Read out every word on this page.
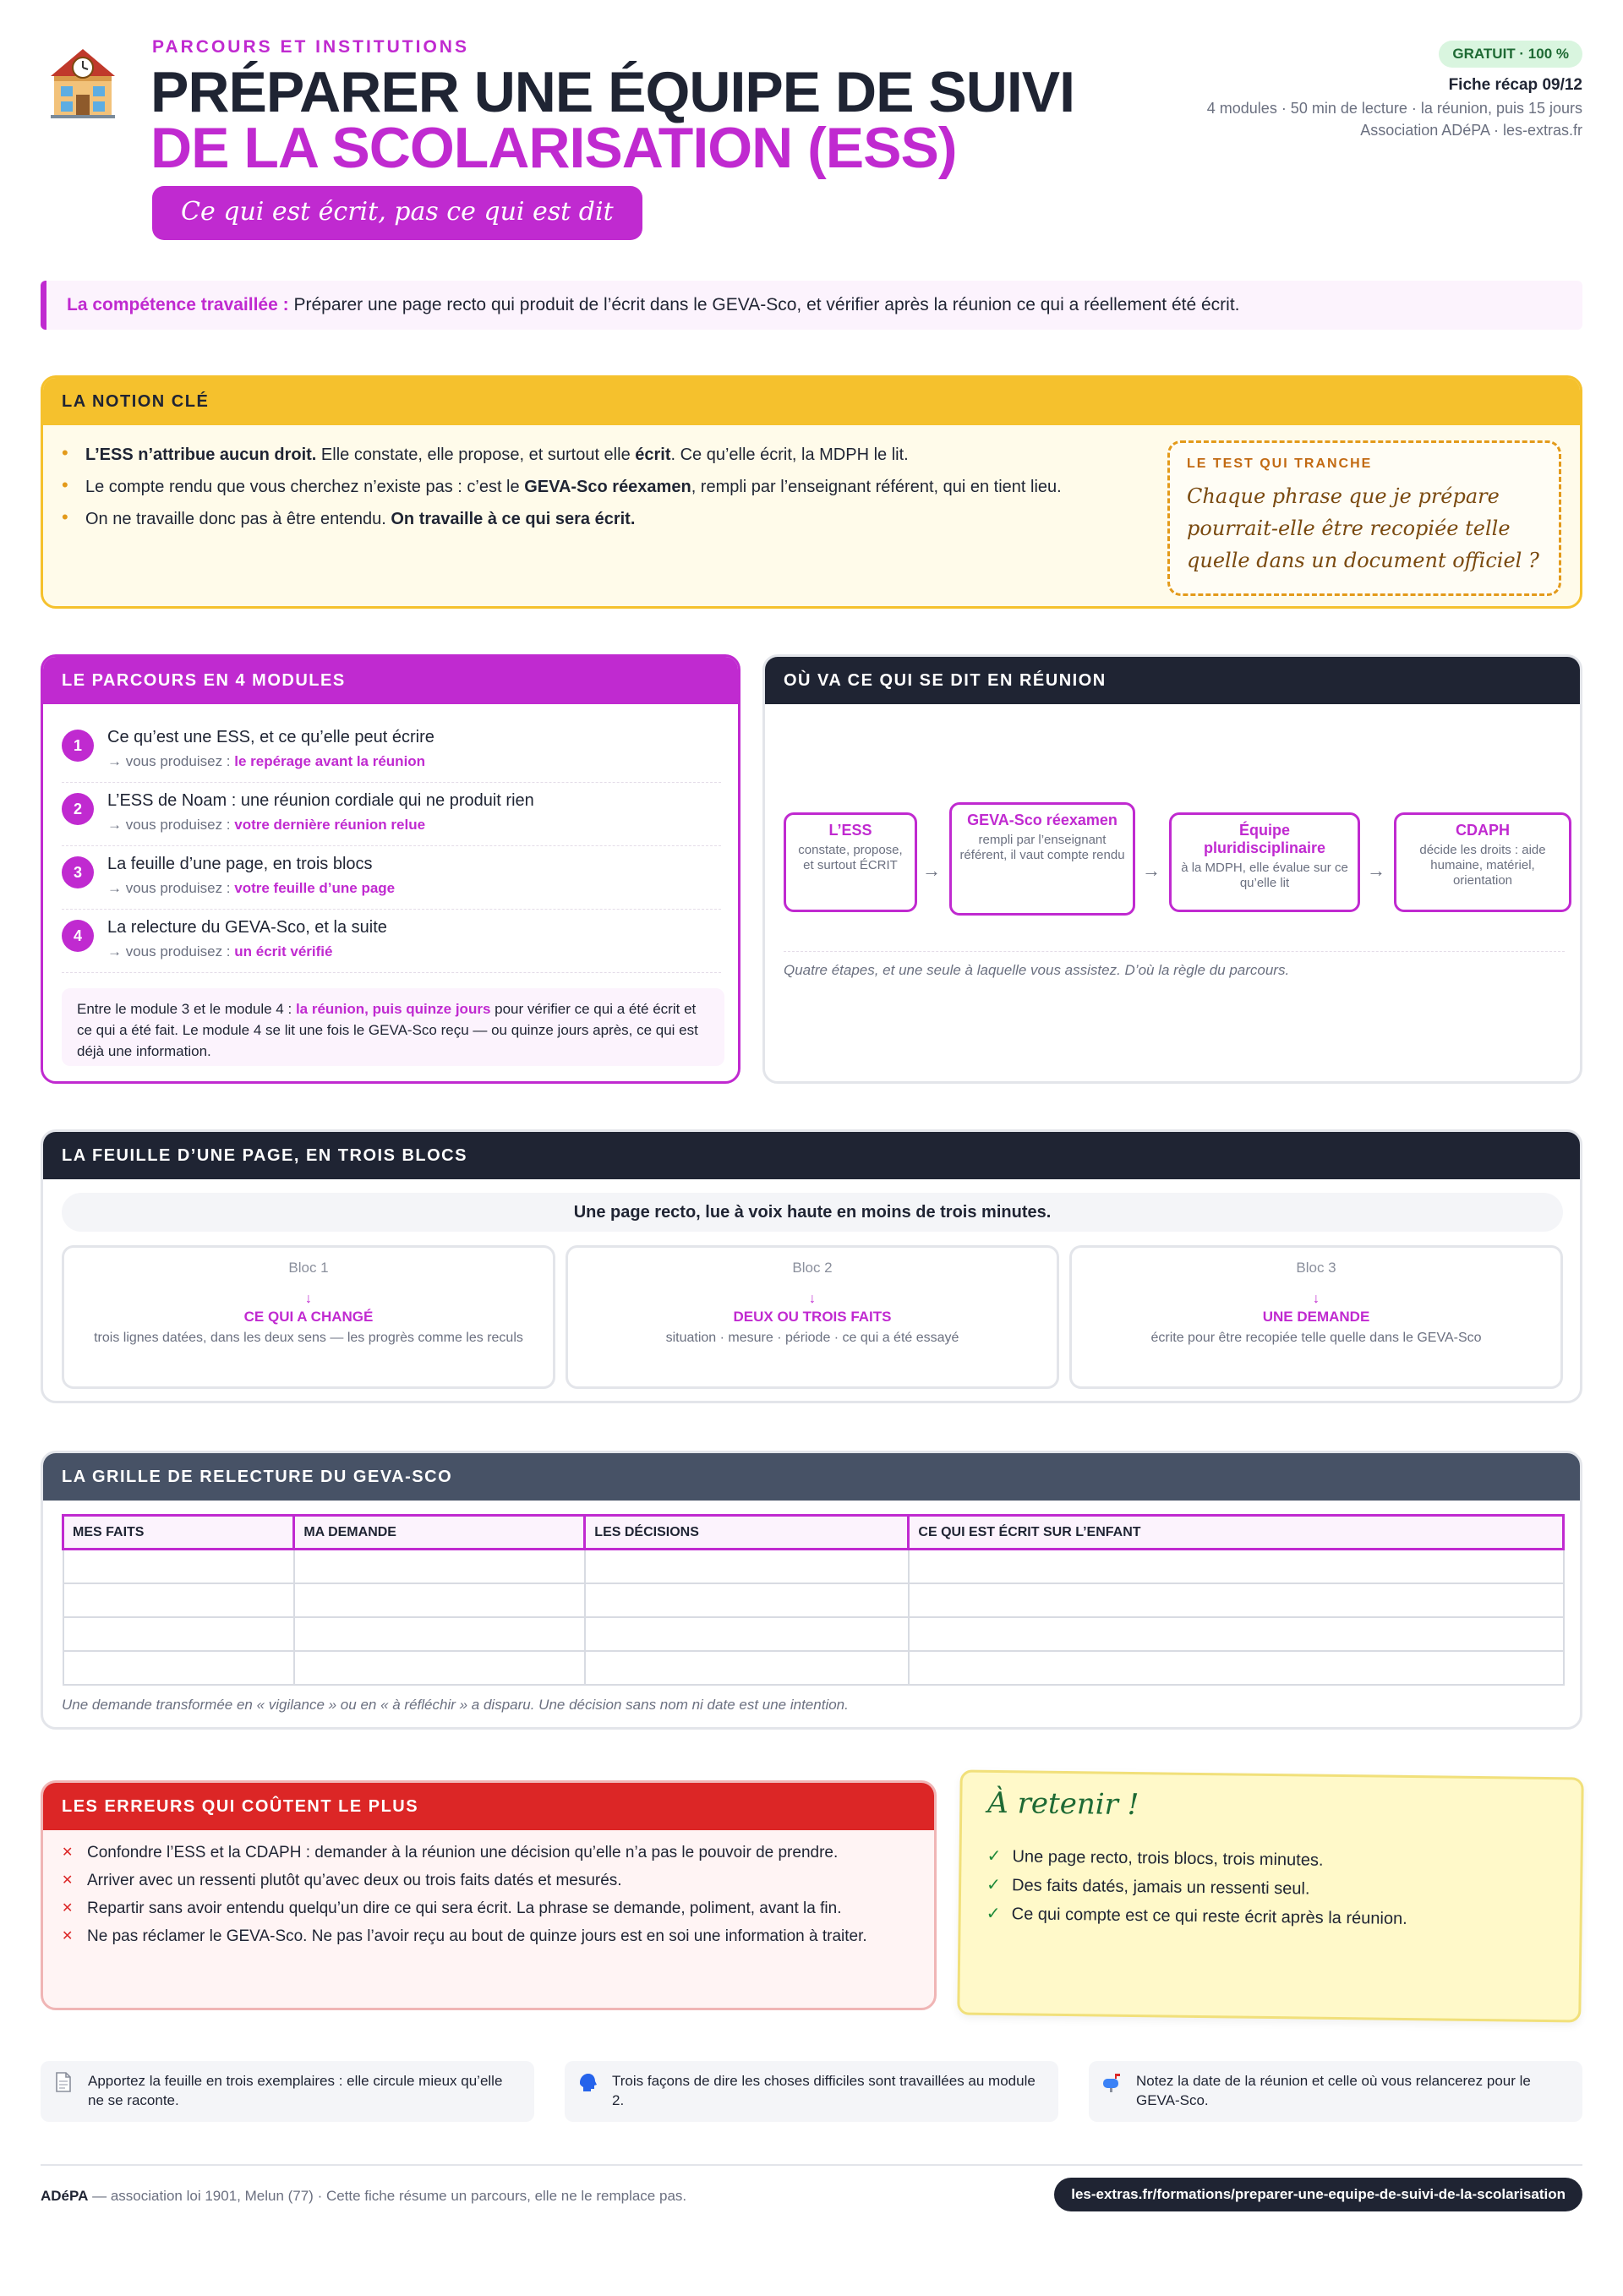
PARCOURS ET INSTITUTIONS
PRÉPARER UNE ÉQUIPE DE SUIVI
DE LA SCOLARISATION (ESS)
Ce qui est écrit, pas ce qui est dit
GRATUIT · 100 %
Fiche récap 09/12
4 modules · 50 min de lecture · la réunion, puis 15 jours
Association ADéPA · les-extras.fr
La compétence travaillée : Préparer une page recto qui produit de l’écrit dans le GEVA-Sco, et vérifier après la réunion ce qui a réellement été écrit.
LA NOTION CLÉ
• L’ESS n’attribue aucun droit. Elle constate, elle propose, et surtout elle écrit. Ce qu’elle écrit, la MDPH le lit.
• Le compte rendu que vous cherchez n’existe pas : c’est le GEVA-Sco réexamen, rempli par l’enseignant référent, qui en tient lieu.
• On ne travaille donc pas à être entendu. On travaille à ce qui sera écrit.
LE TEST QUI TRANCHE
Chaque phrase que je prépare pourrait-elle être recopiée telle quelle dans un document officiel ?
LE PARCOURS EN 4 MODULES
1	Ce qu’est une ESS, et ce qu’elle peut écrire
→ vous produisez : le repérage avant la réunion
2	L’ESS de Noam : une réunion cordiale qui ne produit rien
→ vous produisez : votre dernière réunion relue
3	La feuille d’une page, en trois blocs
→ vous produisez : votre feuille d’une page
4	La relecture du GEVA-Sco, et la suite
→ vous produisez : un écrit vérifié
Entre le module 3 et le module 4 : la réunion, puis quinze jours pour vérifier ce qui a été écrit et ce qui a été fait. Le module 4 se lit une fois le GEVA-Sco reçu — ou quinze jours après, ce qui est déjà une information.
OÙ VA CE QUI SE DIT EN RÉUNION
L’ESS
constate, propose, et surtout ÉCRIT	→
GEVA-Sco réexamen
rempli par l’enseignant référent, il vaut compte rendu
→
Équipe pluridisciplinaire
à la MDPH, elle évalue sur ce qu’elle lit
→
CDAPH
décide les droits : aide humaine, matériel, orientation
Quatre étapes, et une seule à laquelle vous assistez. D’où la règle du parcours.
LA FEUILLE D’UNE PAGE, EN TROIS BLOCS
Une page recto, lue à voix haute en moins de trois minutes.
Bloc 1
↓
CE QUI A CHANGÉ
trois lignes datées, dans les deux sens — les progrès comme les reculs
Bloc 2
↓
DEUX OU TROIS FAITS
situation · mesure · période · ce qui a été essayé
Bloc 3
↓
UNE DEMANDE
écrite pour être recopiée telle quelle dans le GEVA-Sco
LA GRILLE DE RELECTURE DU GEVA-SCO
MES FAITS	MA DEMANDE	LES DÉCISIONS	CE QUI EST ÉCRIT SUR L’ENFANT

Une demande transformée en « vigilance » ou en « à réfléchir » a disparu. Une décision sans nom ni date est une intention.
LES ERREURS QUI COÛTENT LE PLUS
✕ Confondre l’ESS et la CDAPH : demander à la réunion une décision qu’elle n’a pas le pouvoir de prendre.
✕ Arriver avec un ressenti plutôt qu’avec deux ou trois faits datés et mesurés.
✕ Repartir sans avoir entendu quelqu’un dire ce qui sera écrit. La phrase se demande, poliment, avant la fin.
✕ Ne pas réclamer le GEVA-Sco. Ne pas l’avoir reçu au bout de quinze jours est en soi une information à traiter.
À retenir !
✓ Une page recto, trois blocs, trois minutes.
✓ Des faits datés, jamais un ressenti seul.
✓ Ce qui compte est ce qui reste écrit après la réunion.
Apportez la feuille en trois exemplaires : elle circule mieux qu’elle ne se raconte.
Trois façons de dire les choses difficiles sont travaillées au module 2.
Notez la date de la réunion et celle où vous relancerez pour le GEVA-Sco.
ADéPA — association loi 1901, Melun (77) · Cette fiche résume un parcours, elle ne le remplace pas.	les-extras.fr/formations/preparer-une-equipe-de-suivi-de-la-scolarisation
